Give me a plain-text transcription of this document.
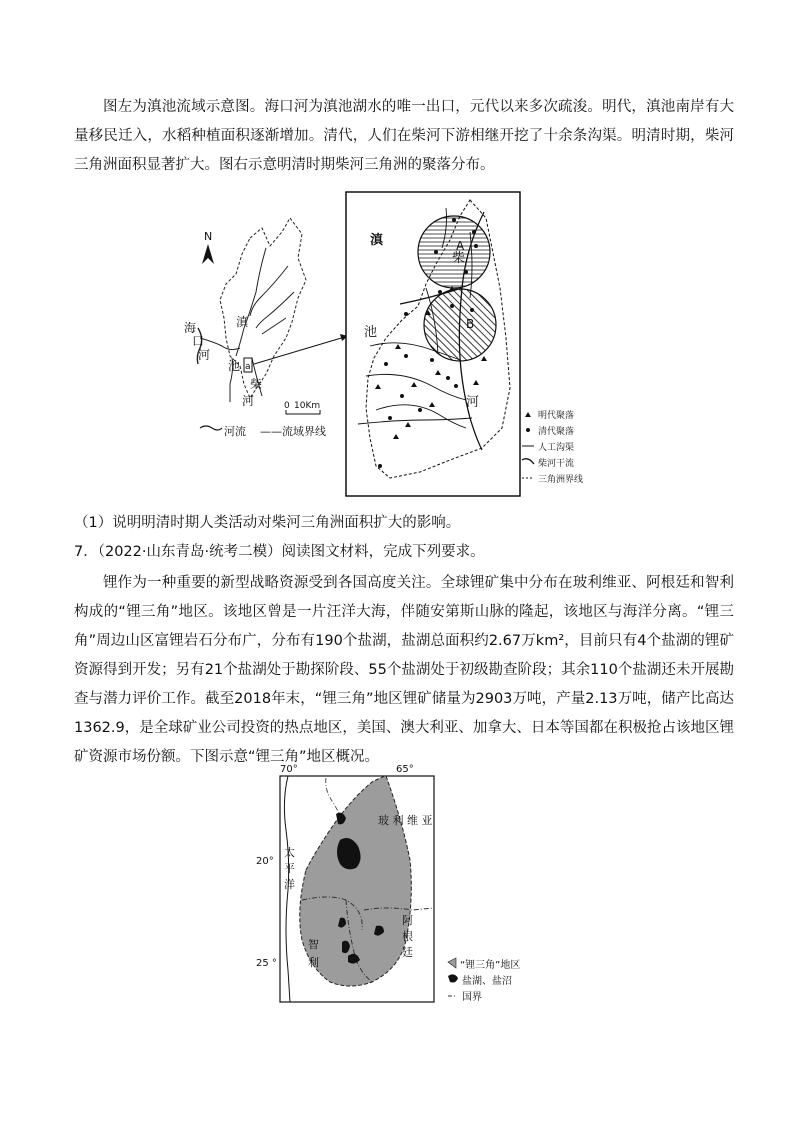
图左为滇池流域示意图。海口河为滇池湖水的唯一出口，元代以来多次疏浚。明代，滇池南岸有大量移民迁入，水稻种植面积逐渐增加。清代，人们在柴河下游相继开挖了十余条沟渠。明清时期，柴河三角洲面积显著扩大。图右示意明清时期柴河三角洲的聚落分布。

N
海
口
河
滇
池 a
柴
河	0 10Km
河流 ——流域界线
滇
池
柴
河
A
B
明代聚落
清代聚落
人工沟渠
柴河干流
三角洲界线

（1）说明明清时期人类活动对柴河三角洲面积扩大的影响。

7．（2022·山东青岛·统考二模）阅读图文材料，完成下列要求。

锂作为一种重要的新型战略资源受到各国高度关注。全球锂矿集中分布在玻利维亚、阿根廷和智利构成的“锂三角”地区。该地区曾是一片汪洋大海，伴随安第斯山脉的隆起，该地区与海洋分离。“锂三角”周边山区富锂岩石分布广，分布有190个盐湖，盐湖总面积约2.67万km²，目前只有4个盐湖的锂矿资源得到开发；另有21个盐湖处于勘探阶段、55个盐湖处于初级勘查阶段；其余110个盐湖还未开展勘查与潜力评价工作。截至2018年末，“锂三角”地区锂矿储量为2903万吨，产量2.13万吨，储产比高达1362.9，是全球矿业公司投资的热点地区，美国、澳大利亚、加拿大、日本等国都在积极抢占该地区锂矿资源市场份额。下图示意“锂三角”地区概况。

70°	65°
玻 利 维 亚
太
平
洋
智
利
阿
根
廷
20°
25 °	“锂三角”地区
盐湖、盐沼
国界
